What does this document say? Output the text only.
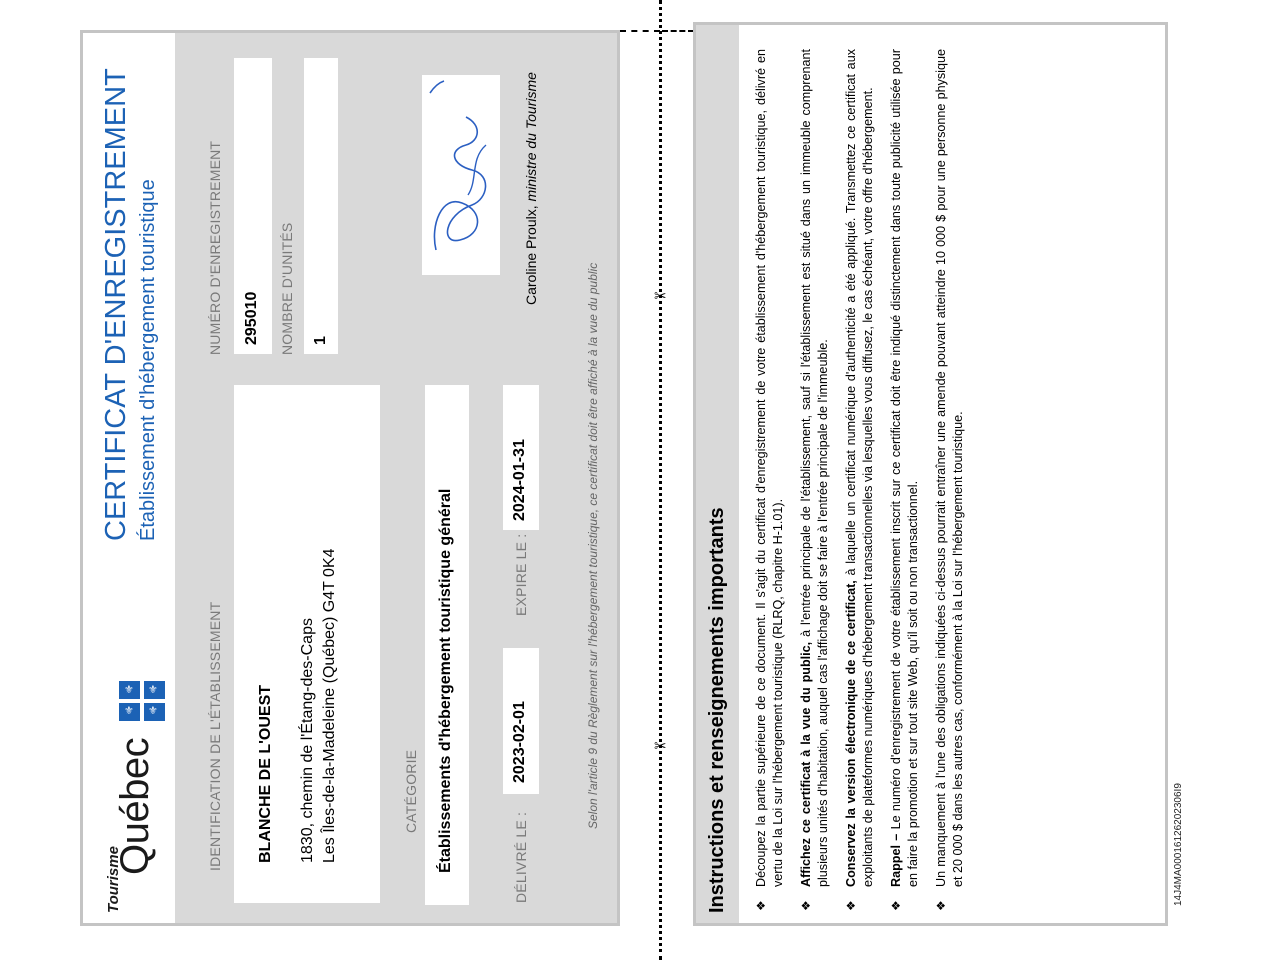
Tourisme
Québec
⚜ ⚜
⚜ ⚜
CERTIFICAT D'ENREGISTREMENT Établissement d'hébergement touristique
IDENTIFICATION DE L'ÉTABLISSEMENT BLANCHE DE L'OUEST 1830, chemin de l'Étang-des-Caps Les Îles-de-la-Madeleine (Québec) G4T 0K4
NUMÉRO D'ENREGISTREMENT 295010 NOMBRE D'UNITÉS 1
CATÉGORIE Établissements d'hébergement touristique général	DÉLIVRÉ LE :
2023-02-01
EXPIRE LE :
2024-01-31
Caroline Proulx, ministre du Tourisme
Selon l'article 9 du Règlement sur l'hébergement touristique, ce certificat doit être affiché à la vue du public	✂
✂ Instructions et renseignements importants ❖
Découpez la partie supérieure de ce document. Il s'agit du certificat d'enregistrement de votre établissement d'hébergement touristique, délivré en vertu de la Loi sur l'hébergement touristique (RLRQ, chapitre H-1.01).
❖
Affichez ce certificat à la vue du public, à l'entrée principale de l'établissement, sauf si l'établissement est situé dans un immeuble comprenant plusieurs unités d'habitation, auquel cas l'affichage doit se faire à l'entrée principale de l'immeuble.
❖
Conservez la version électronique de ce certificat, à laquelle un certificat numérique d'authenticité a été appliqué. Transmettez ce certificat aux exploitants de plateformes numériques d'hébergement transactionnelles via lesquelles vous diffusez, le cas échéant, votre offre d'hébergement.
❖
Rappel – Le numéro d'enregistrement de votre établissement inscrit sur ce certificat doit être indiqué distinctement dans toute publicité utilisée pour en faire la promotion et sur tout site Web, qu'il soit ou non transactionnel.
❖
Un manquement à l'une des obligations indiquées ci-dessus pourrait entraîner une amende pouvant atteindre 10 000 $ pour une personne physique et 20 000 $ dans les autres cas, conformément à la Loi sur l'hébergement touristique.	14J4MA00016126202306I9
